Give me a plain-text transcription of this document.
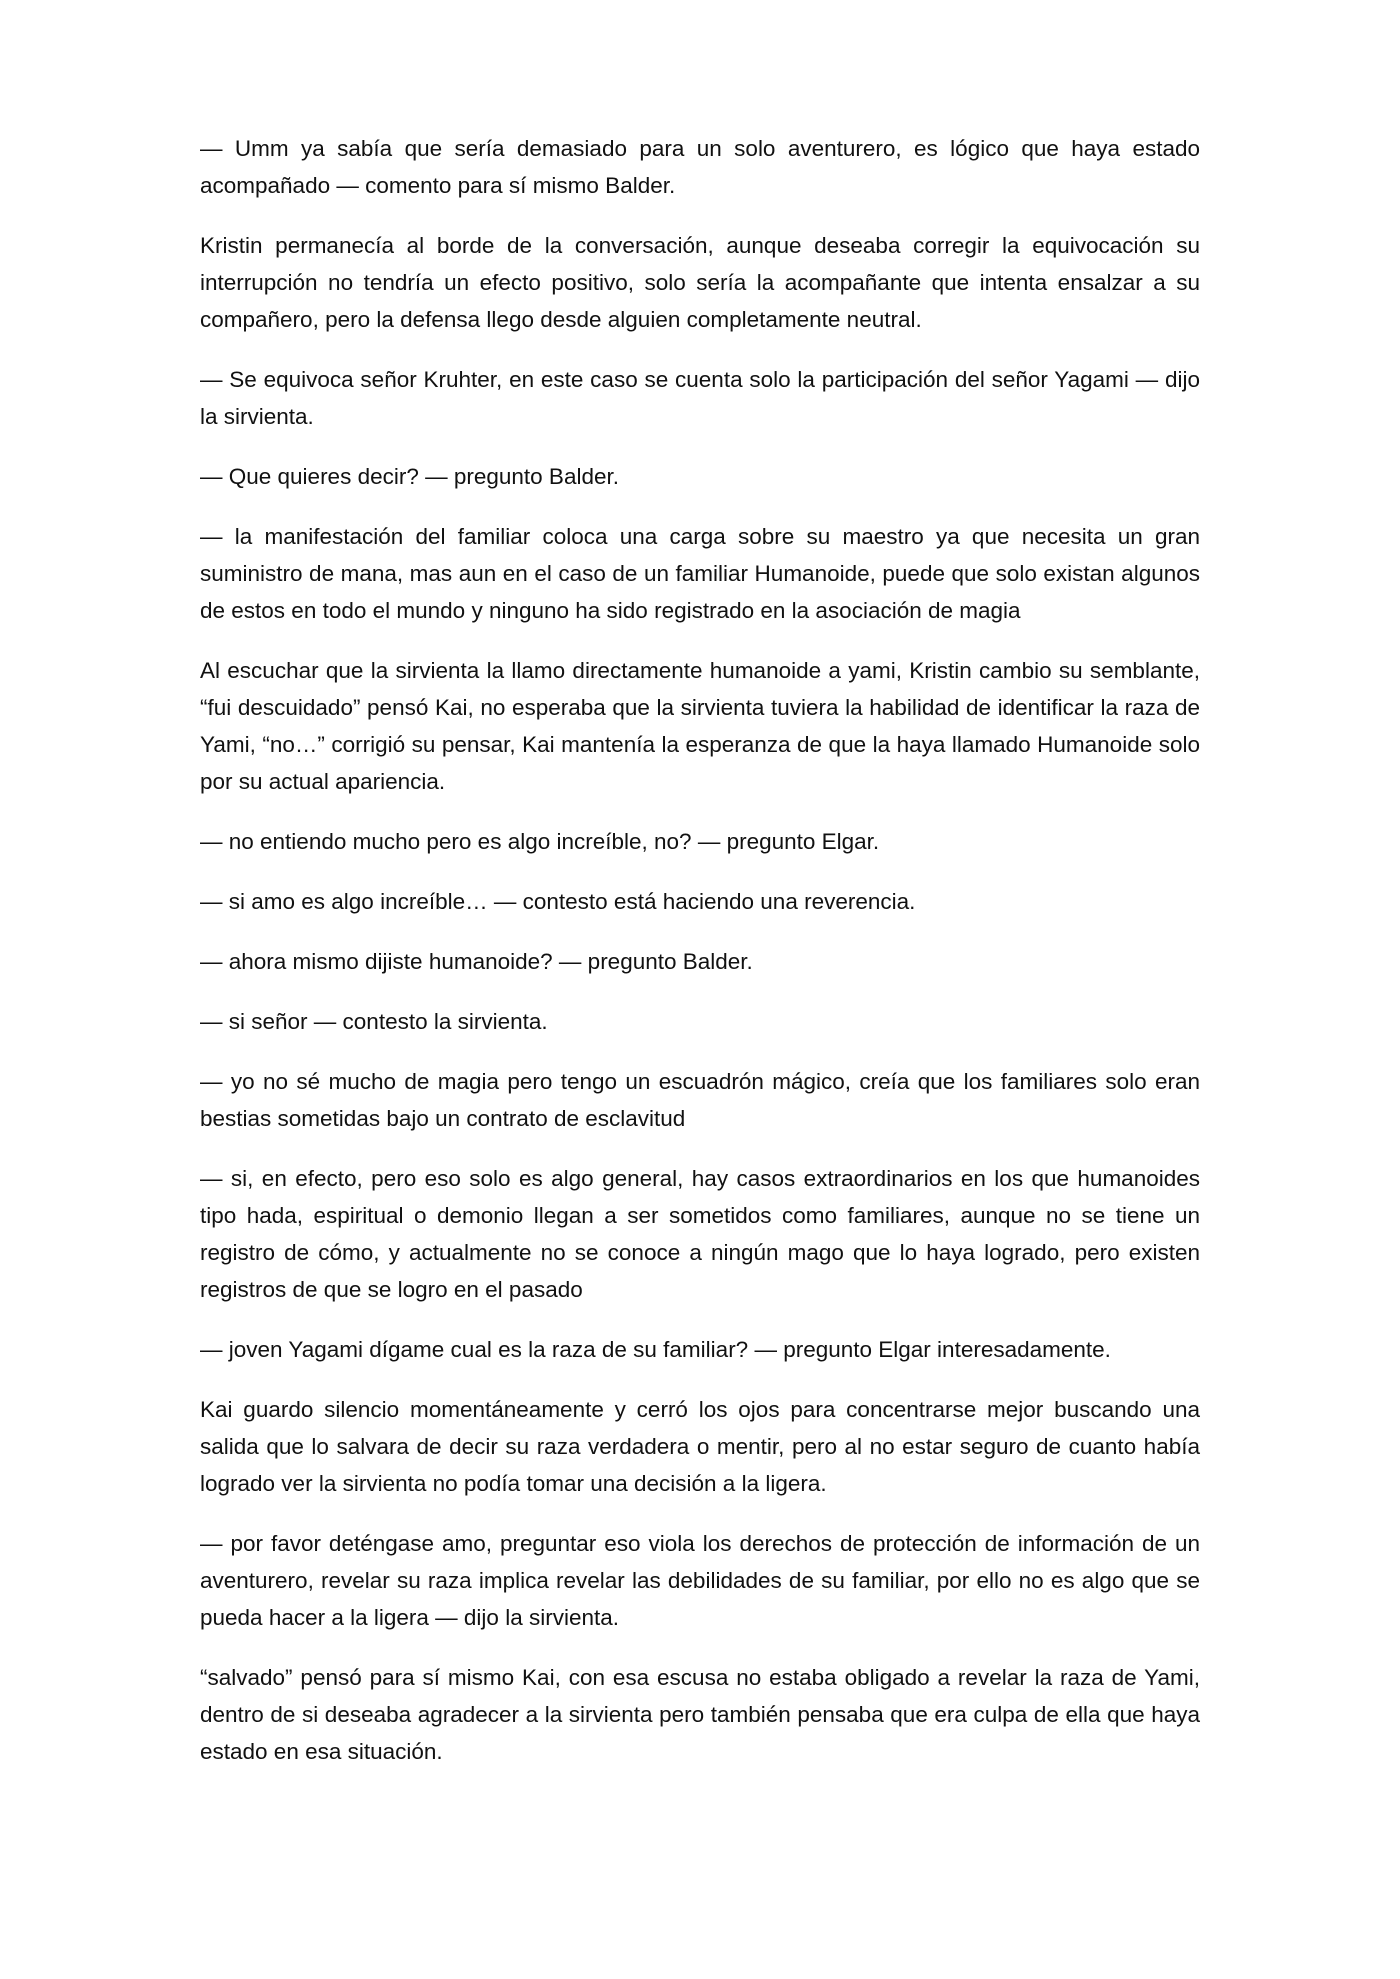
— Umm ya sabía que sería demasiado para un solo aventurero, es lógico que haya estado acompañado — comento para sí mismo Balder.

Kristin permanecía al borde de la conversación, aunque deseaba corregir la equivocación su interrupción no tendría un efecto positivo, solo sería la acompañante que intenta ensalzar a su compañero, pero la defensa llego desde alguien completamente neutral.

— Se equivoca señor Kruhter, en este caso se cuenta solo la participación del señor Yagami — dijo la sirvienta.

— Que quieres decir? — pregunto Balder.

— la manifestación del familiar coloca una carga sobre su maestro ya que necesita un gran suministro de mana, mas aun en el caso de un familiar Humanoide, puede que solo existan algunos de estos en todo el mundo y ninguno ha sido registrado en la asociación de magia

Al escuchar que la sirvienta la llamo directamente humanoide a yami, Kristin cambio su semblante, “fui descuidado” pensó Kai, no esperaba que la sirvienta tuviera la habilidad de identificar la raza de Yami, “no…” corrigió su pensar, Kai mantenía la esperanza de que la haya llamado Humanoide solo por su actual apariencia.

— no entiendo mucho pero es algo increíble, no? — pregunto Elgar.

— si amo es algo increíble… — contesto está haciendo una reverencia.

— ahora mismo dijiste humanoide? — pregunto Balder.

— si señor — contesto la sirvienta.

— yo no sé mucho de magia pero tengo un escuadrón mágico, creía que los familiares solo eran bestias sometidas bajo un contrato de esclavitud

— si, en efecto, pero eso solo es algo general, hay casos extraordinarios en los que humanoides tipo hada, espiritual o demonio llegan a ser sometidos como familiares, aunque no se tiene un registro de cómo, y actualmente no se conoce a ningún mago que lo haya logrado, pero existen registros de que se logro en el pasado

— joven Yagami dígame cual es la raza de su familiar? — pregunto Elgar interesadamente.

Kai guardo silencio momentáneamente y cerró los ojos para concentrarse mejor buscando una salida que lo salvara de decir su raza verdadera o mentir, pero al no estar seguro de cuanto había logrado ver la sirvienta no podía tomar una decisión a la ligera.

— por favor deténgase amo, preguntar eso viola los derechos de protección de información de un aventurero, revelar su raza implica revelar las debilidades de su familiar, por ello no es algo que se pueda hacer a la ligera — dijo la sirvienta.

“salvado” pensó para sí mismo Kai, con esa escusa no estaba obligado a revelar la raza de Yami, dentro de si deseaba agradecer a la sirvienta pero también pensaba que era culpa de ella que haya estado en esa situación.
